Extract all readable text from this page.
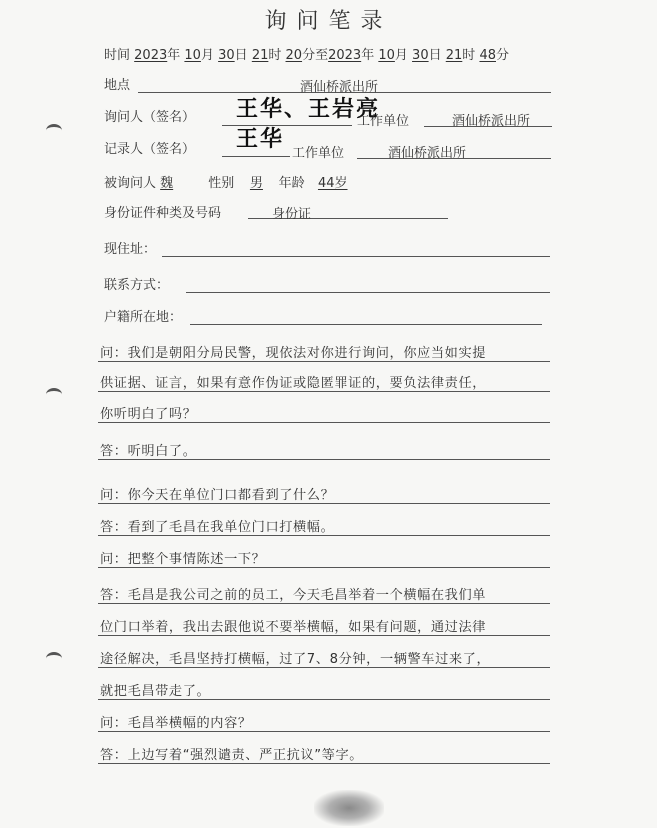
询问笔录
时间 2023年 10月 30日 21时 20分至2023年 10月 30日 21时 48分
地点	酒仙桥派出所
询问人（签名） 王华、王岩亮
工作单位	酒仙桥派出所
记录人（签名） 王华
工作单位	酒仙桥派出所
被询问人 魏	性别 男 年龄 44岁
身份证件种类及号码	身份证
现住址：
联系方式：
户籍所在地：
问：我们是朝阳分局民警，现依法对你进行询问，你应当如实提
供证据、证言，如果有意作伪证或隐匿罪证的，要负法律责任，
你听明白了吗？
答：听明白了。
问：你今天在单位门口都看到了什么？
答：看到了毛昌在我单位门口打横幅。
问：把整个事情陈述一下？
答：毛昌是我公司之前的员工，今天毛昌举着一个横幅在我们单
位门口举着，我出去跟他说不要举横幅，如果有问题，通过法律
途径解决，毛昌坚持打横幅，过了7、8分钟，一辆警车过来了，
就把毛昌带走了。
问：毛昌举横幅的内容？
答：上边写着“强烈谴责、严正抗议”等字。
